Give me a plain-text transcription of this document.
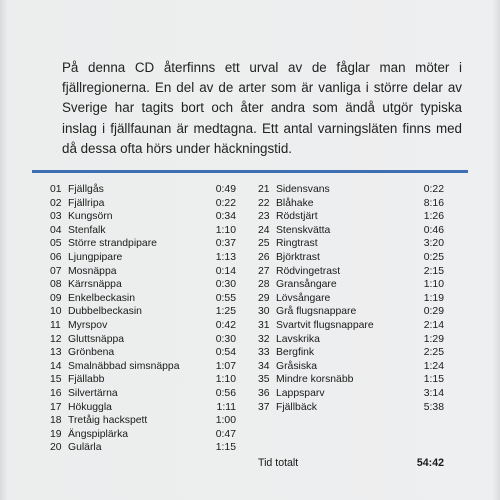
På denna CD återfinns ett urval av de fåglar man möter i fjällregionerna. En del av de arter som är vanliga i större delar av Sverige har tagits bort och åter andra som ändå utgör typiska inslag i fjällfaunan är medtagna. Ett antal varningsläten finns med då dessa ofta hörs under häckningstid.

01 Fjällgås	0:49
02 Fjällripa	0:22
03 Kungsörn	0:34
04 Stenfalk	1:10
05 Större strandpipare	0:37
06 Ljungpipare	1:13
07 Mosnäppa	0:14
08 Kärrsnäppa	0:30
09 Enkelbeckasin	0:55
10 Dubbelbeckasin	1:25
11 Myrspov	0:42
12 Gluttsnäppa	0:30
13 Grönbena	0:54
14 Smalnäbbad simsnäppa	1:07
15 Fjällabb	1:10
16 Silvertärna	0:56
17 Hökuggla	1:11
18 Tretåig hackspett	1:00
19 Ängspiplärka	0:47
20 Gulärla	1:15
21 Sidensvans	0:22
22 Blåhake	8:16
23 Rödstjärt	1:26
24 Stenskvätta	0:46
25 Ringtrast	3:20
26 Björktrast	0:25
27 Rödvingetrast	2:15
28 Gransångare	1:10
29 Lövsångare	1:19
30 Grå flugsnappare	0:29
31 Svartvit flugsnappare	2:14
32 Lavskrika	1:29
33 Bergfink	2:25
34 Gråsiska	1:24
35 Mindre korsnäbb	1:15
36 Lappsparv	3:14
37 Fjällbäck	5:38
Tid totalt	54:42
